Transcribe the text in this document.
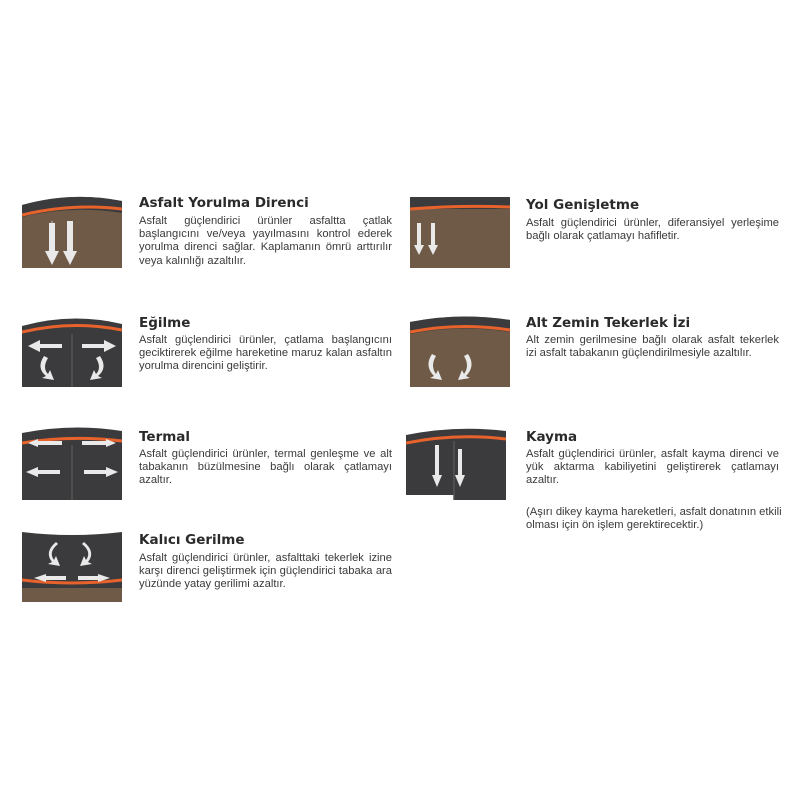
Asfalt Yorulma Direnci
Asfalt güçlendirici ürünler asfaltta çatlak başlangıcını ve/veya yayılmasını kontrol ederek yorulma direnci sağlar. Kaplamanın ömrü arttırılır veya kalınlığı azaltılır.
Eğilme
Asfalt güçlendirici ürünler, çatlama başlangıcını geciktirerek eğilme hareketine maruz kalan asfaltın yorulma direncini geliştirir.
Termal
Asfalt güçlendirici ürünler, termal genleşme ve alt tabakanın büzülmesine bağlı olarak çatlamayı azaltır.
Kalıcı Gerilme
Asfalt güçlendirici ürünler, asfalttaki tekerlek izine karşı direnci geliştirmek için güçlendirici tabaka ara yüzünde yatay gerilimi azaltır.
Yol Genişletme
Asfalt güçlendirici ürünler, diferansiyel yerleşime bağlı olarak çatlamayı hafifletir.
Alt Zemin Tekerlek İzi
Alt zemin gerilmesine bağlı olarak asfalt tekerlek izi asfalt tabakanın güçlendirilmesiyle azaltılır.
Kayma
Asfalt güçlendirici ürünler, asfalt kayma direnci ve yük aktarma kabiliyetini geliştirerek çatlamayı azaltır.
(Aşırı dikey kayma hareketleri, asfalt donatının etkili olması için ön işlem gerektirecektir.)
